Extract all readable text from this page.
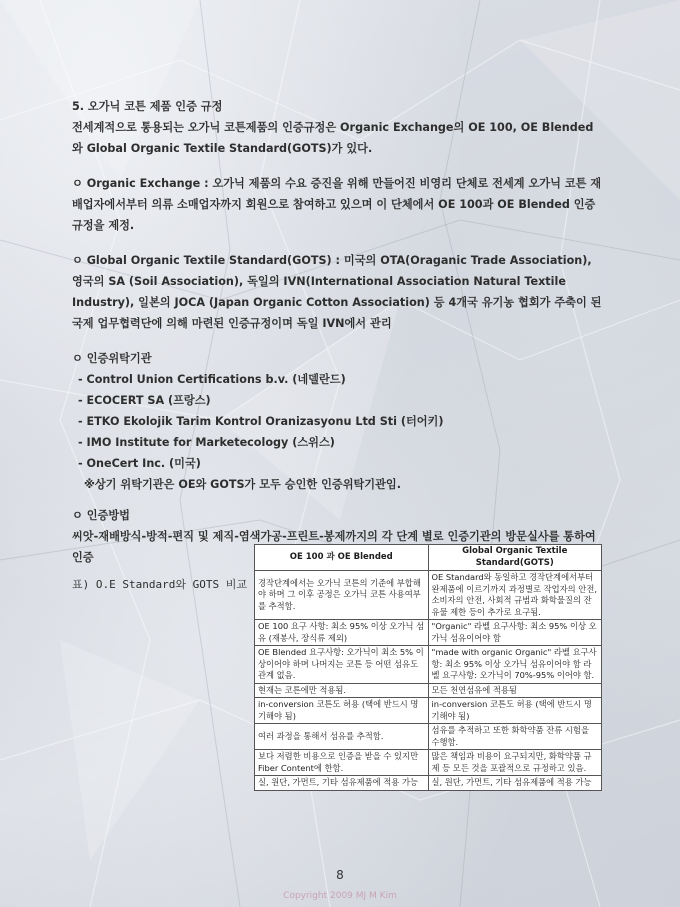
5. 오가닉 코튼 제품 인증 규정

전세계적으로 통용되는 오가닉 코튼제품의 인증규정은 Organic Exchange의 OE 100, OE Blended 와 Global Organic Textile Standard(GOTS)가 있다.

ㅇ Organic Exchange : 오가닉 제품의 수요 증진을 위해 만들어진 비영리 단체로 전세계 오가닉 코튼 재배업자에서부터 의류 소매업자까지 회원으로 참여하고 있으며 이 단체에서 OE 100과 OE Blended 인증 규정을 제정.

ㅇ Global Organic Textile Standard(GOTS) : 미국의 OTA(Oraganic Trade Association), 영국의 SA (Soil Association), 독일의 IVN(International Association Natural Textile Industry), 일본의 JOCA (Japan Organic Cotton Association) 등 4개국 유기농 협회가 주축이 된 국제 업무협력단에 의해 마련된 인증규정이며 독일 IVN에서 관리

ㅇ 인증위탁기관

- Control Union Certifications b.v. (네델란드)

- ECOCERT SA (프랑스)

- ETKO Ekolojik Tarim Kontrol Oranizasyonu Ltd Sti (터어키)

- IMO Institute for Marketecology (스위스)

- OneCert Inc. (미국)

※상기 위탁기관은 OE와 GOTS가 모두 승인한 인증위탁기관임.

ㅇ 인증방법

씨앗-재배방식-방적-편직 및 제직-염색가공-프린트-봉제까지의 각 단계 별로 인증기관의 방문실사를 통하여 인증

표) O.E Standard와 GOTS 비교
OE 100 과 OE Blended	Global Organic Textile Standard(GOTS)
경작단계에서는 오가닉 코튼의 기준에 부합해야 하며 그 이후 공정은 오가닉 코튼 사용여부를 추적함.	OE Standard와 동일하고 경작단계에서부터 완제품에 이르기까지 과정별로 작업자의 안전, 소비자의 안전, 사회적 규범과 화학물질의 잔유물 제한 등이 추가로 요구됨.
OE 100 요구 사항: 최소 95% 이상 오가닉 섬유 (재봉사, 장식류 제외)	"Organic" 라벨 요구사항: 최소 95% 이상 오가닉 섬유이어야 함
OE Blended 요구사항: 오가닉이 최소 5% 이상이어야 하며 나머지는 코튼 등 어떤 섬유도 관계 없음.	"made with organic Organic" 라벨 요구사항: 최소 95% 이상 오가닉 섬유이어야 함 라벨 요구사항: 오가닉이 70%-95% 이어야 함.
현재는 코튼에만 적용됨.	모든 천연섬유에 적용됨
in-conversion 코튼도 허용 (택에 반드시 명기해야 됨)	in-conversion 코튼도 허용 (택에 반드시 명기해야 됨)
여러 과정을 통해서 섬유를 추적함.	섬유를 추적하고 또한 화학약품 잔류 시험을 수행함.
보다 저렴한 비용으로 인증을 받을 수 있지만 Fiber Content에 한함.	많은 책임과 비용이 요구되지만, 화학약품 규제 등 모든 것을 포괄적으로 규정하고 있음.
실, 원단, 가먼트, 기타 섬유제품에 적용 가능	실, 원단, 가먼트, 기타 섬유제품에 적용 가능
8
Copyright 2009 MJ M Kim
